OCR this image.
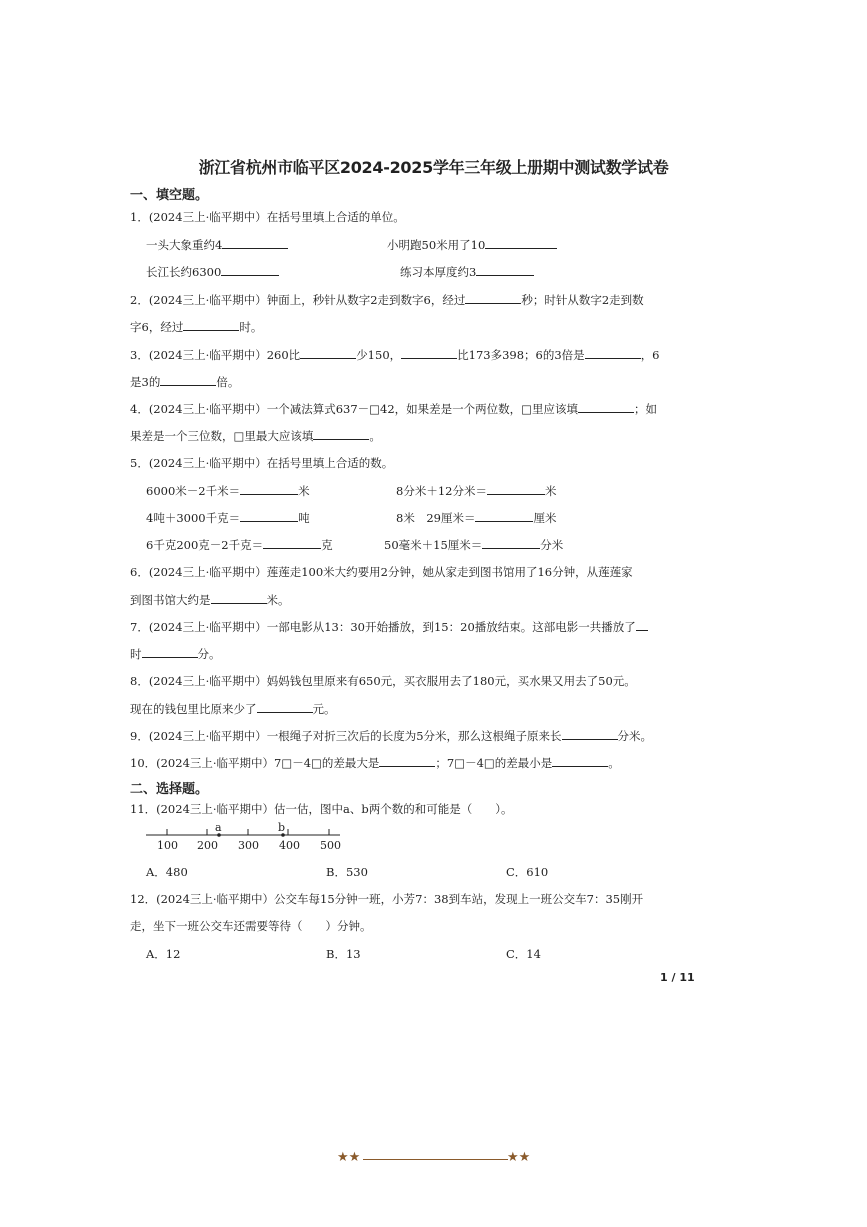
浙江省杭州市临平区2024-2025学年三年级上册期中测试数学试卷
一、填空题。
1．(2024三上·临平期中）在括号里填上合适的单位。
一头大象重约4	小明跑50米用了10
长江长约6300	练习本厚度约3
2．(2024三上·临平期中）钟面上，秒针从数字2走到数字6，经过	秒；时针从数字2走到数
字6，经过	时。
3．(2024三上·临平期中）260比	少150，	比173多398；6的3倍是	，6
是3的	倍。
4．(2024三上·临平期中）一个减法算式637－□42，如果差是一个两位数，□里应该填	；如
果差是一个三位数，□里最大应该填	。
5．(2024三上·临平期中）在括号里填上合适的数。
6000米－2千米＝	米	8分米＋12分米＝	米
4吨＋3000千克＝	吨	8米　29厘米＝	厘米
6千克200克－2千克＝	克	50毫米＋15厘米＝	分米
6．(2024三上·临平期中）莲莲走100米大约要用2分钟，她从家走到图书馆用了16分钟，从莲莲家
到图书馆大约是	米。
7．(2024三上·临平期中）一部电影从13：30开始播放，到15：20播放结束。这部电影一共播放了
时	分。
8．(2024三上·临平期中）妈妈钱包里原来有650元，买衣服用去了180元，买水果又用去了50元。
现在的钱包里比原来少了	元。
9．(2024三上·临平期中）一根绳子对折三次后的长度为5分米，那么这根绳子原来长	分米。
10．(2024三上·临平期中）7□－4□的差最大是	；7□－4□的差最小是	。
二、选择题。
11．(2024三上·临平期中）估一估，图中a、b两个数的和可能是（　　）。
a	b
100 200 300 400 500
A．480	B．530	C．610
12．(2024三上·临平期中）公交车每15分钟一班，小芳7：38到车站，发现上一班公交车7：35刚开
走，坐下一班公交车还需要等待（　　）分钟。
A．12	B．13	C．14
1 / 11
★★	★★
